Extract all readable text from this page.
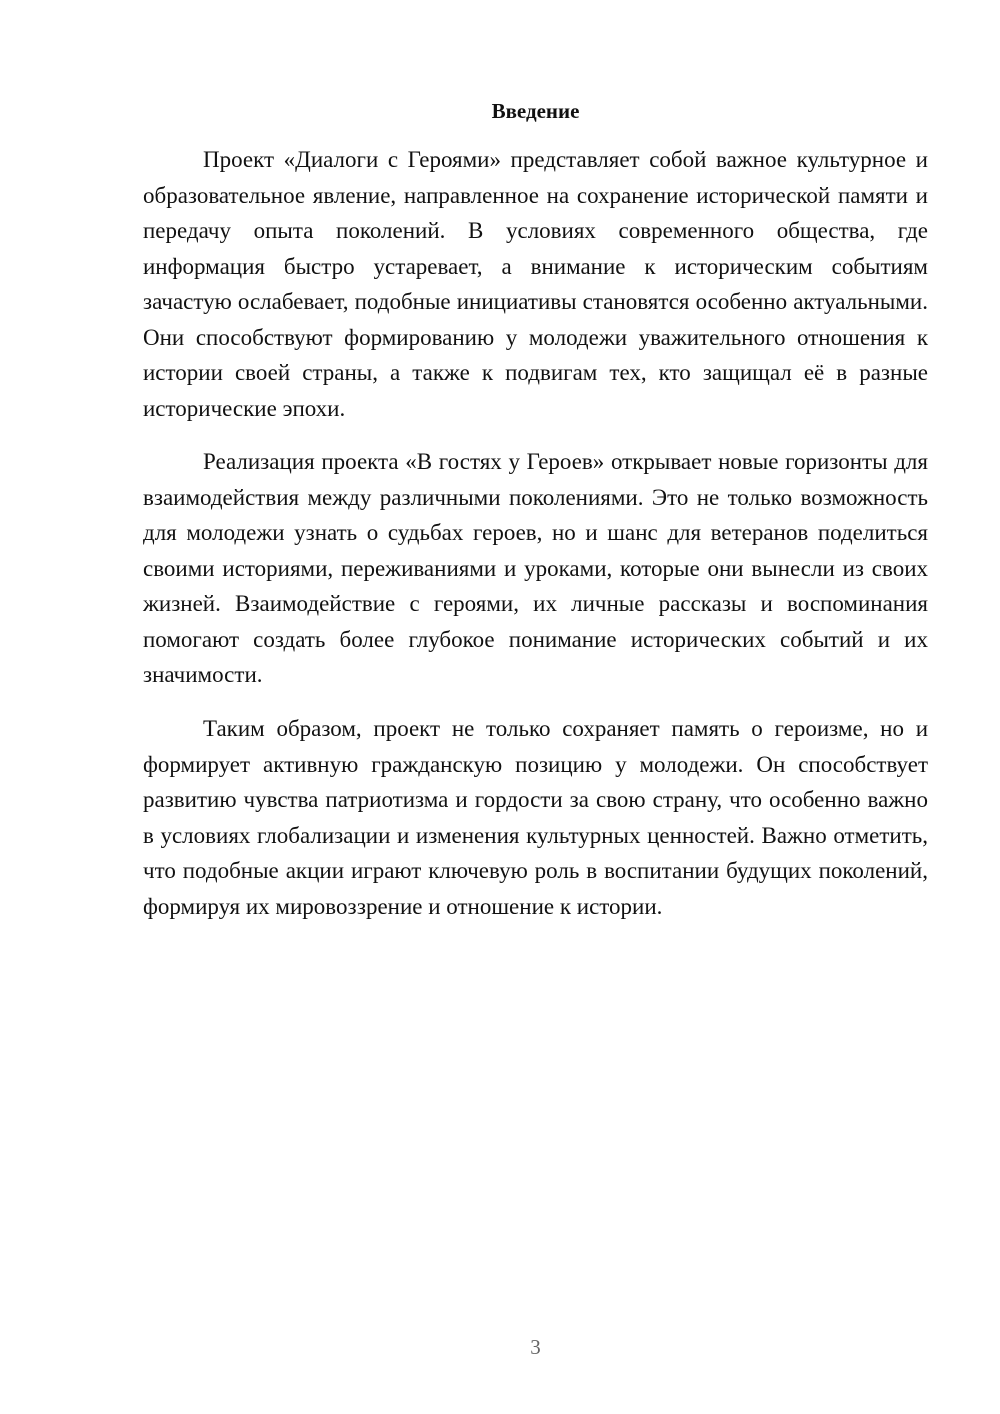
Введение

Проект «Диалоги с Героями» представляет собой важное культурное и образовательное явление, направленное на сохранение исторической памяти и передачу опыта поколений. В условиях современного общества, где информация быстро устаревает, а внимание к историческим событиям зачастую ослабевает, подобные инициативы становятся особенно актуальными. Они способствуют формированию у молодежи уважительного отношения к истории своей страны, а также к подвигам тех, кто защищал её в разные исторические эпохи.

Реализация проекта «В гостях у Героев» открывает новые горизонты для взаимодействия между различными поколениями. Это не только возможность для молодежи узнать о судьбах героев, но и шанс для ветеранов поделиться своими историями, переживаниями и уроками, которые они вынесли из своих жизней. Взаимодействие с героями, их личные рассказы и воспоминания помогают создать более глубокое понимание исторических событий и их значимости.

Таким образом, проект не только сохраняет память о героизме, но и формирует активную гражданскую позицию у молодежи. Он способствует развитию чувства патриотизма и гордости за свою страну, что особенно важно в условиях глобализации и изменения культурных ценностей. Важно отметить, что подобные акции играют ключевую роль в воспитании будущих поколений, формируя их мировоззрение и отношение к истории.

3
